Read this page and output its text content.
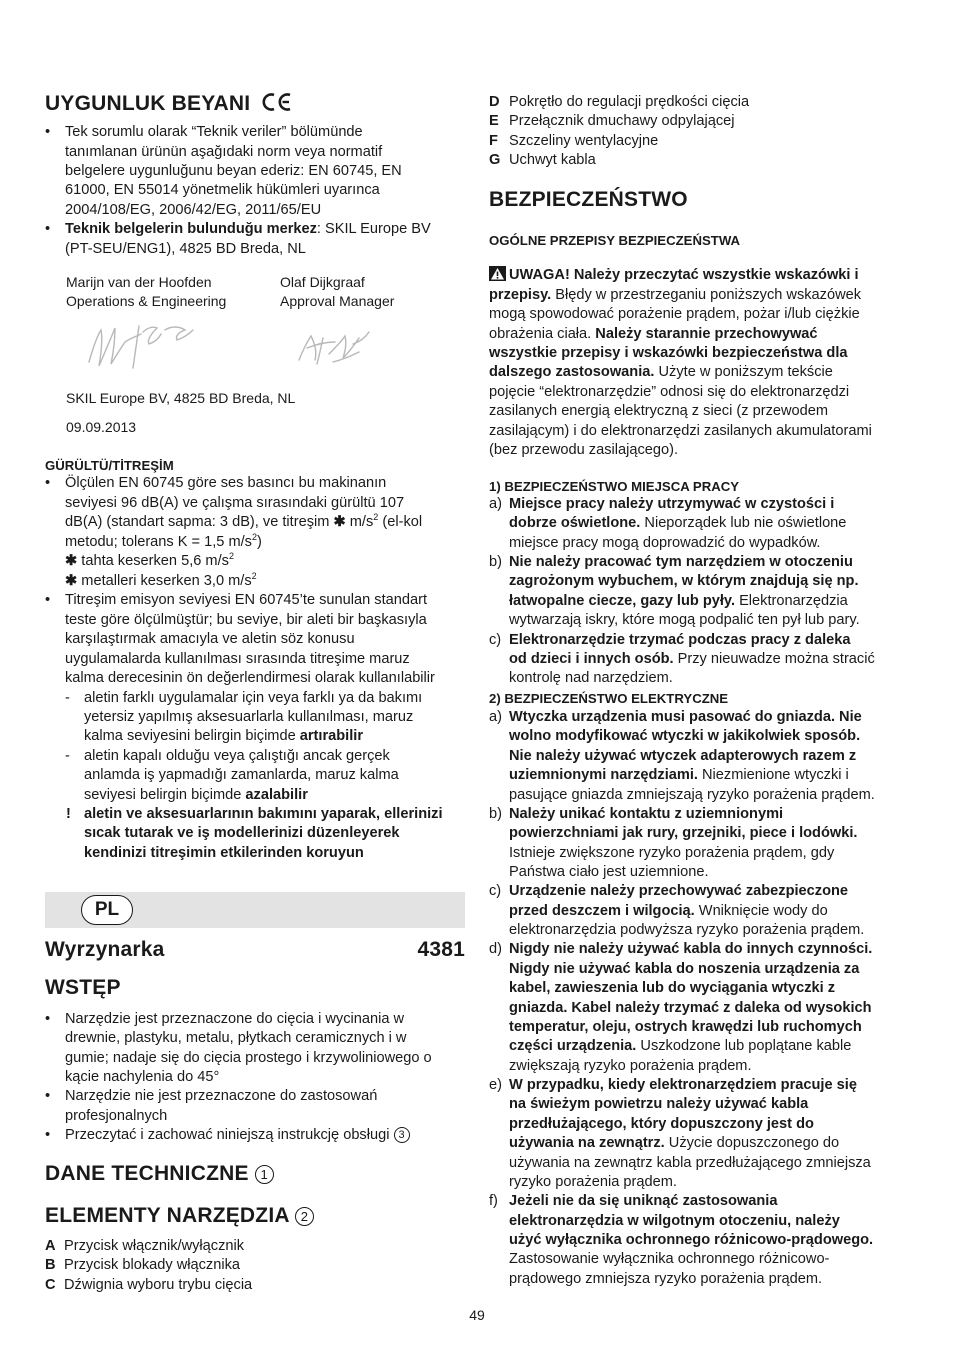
UYGUNLUK BEYANI
• Tek sorumlu olarak “Teknik veriler” bölümünde
tanımlanan ürünün aşağıdaki norm veya normatif
belgelere uygunluğunu beyan ederiz: EN 60745, EN
61000, EN 55014 yönetmelik hükümleri uyarınca
2004/108/EG, 2006/42/EG, 2011/65/EU
• Teknik belgelerin bulunduğu merkez: SKIL Europe BV
(PT-SEU/ENG1), 4825 BD Breda, NL
Marijn van der Hoofden
Operations & Engineering
Olaf Dijkgraaf
Approval Manager
SKIL Europe BV, 4825 BD Breda, NL
09.09.2013
GÜRÜLTÜ/TİTREŞİM
• Ölçülen EN 60745 göre ses basıncı bu makinanın
seviyesi 96 dB(A) ve çalışma sırasındaki gürültü 107
dB(A) (standart sapma: 3 dB), ve titreşim ✱ $m/s^2$ (el-kol
metodu; tolerans K = 1,5 $m/s^2$)
✱ tahta keserken 5,6 $m/s^2$
✱ metalleri keserken 3,0 $m/s^2$
• Titreşim emisyon seviyesi EN 60745’te sunulan standart
teste göre ölçülmüştür; bu seviye, bir aleti bir başkasıyla
karşılaştırmak amacıyla ve aletin söz konusu
uygulamalarda kullanılması sırasında titreşime maruz
kalma derecesinin ön değerlendirmesi olarak kullanılabilir
- aletin farklı uygulamalar için veya farklı ya da bakımı
yetersiz yapılmış aksesuarlarla kullanılması, maruz
kalma seviyesini belirgin biçimde artırabilir
- aletin kapalı olduğu veya çalıştığı ancak gerçek
anlamda iş yapmadığı zamanlarda, maruz kalma
seviyesi belirgin biçimde azalabilir
! aletin ve aksesuarlarının bakımını yaparak, ellerinizi
sıcak tutarak ve iş modellerinizi düzenleyerek
kendinizi titreşimin etkilerinden koruyun
PL
Wyrzynarka	4381
WSTĘP
• Narzędzie jest przeznaczone do cięcia i wycinania w
drewnie, plastyku, metalu, płytkach ceramicznych i w
gumie; nadaje się do cięcia prostego i krzywoliniowego o
kącie nachylenia do 45°
• Narzędzie nie jest przeznaczone do zastosowań
profesjonalnych
• Przeczytać i zachować niniejszą instrukcję obsługi 3
DANE TECHNICZNE 1
ELEMENTY NARZĘDZIA 2
A Przycisk włącznik/wyłącznik
B Przycisk blokady włącznika
C Dźwignia wyboru trybu cięcia
D Pokrętło do regulacji prędkości cięcia
E Przełącznik dmuchawy odpylającej
F Szczeliny wentylacyjne
G Uchwyt kabla
BEZPIECZEŃSTWO
OGÓLNE PRZEPISY BEZPIECZEŃSTWA
UWAGA! Należy przeczytać wszystkie wskazówki i
przepisy. Błędy w przestrzeganiu poniższych wskazówek
mogą spowodować porażenie prądem, pożar i/lub ciężkie
obrażenia ciała. Należy starannie przechowywać
wszystkie przepisy i wskazówki bezpieczeństwa dla
dalszego zastosowania. Użyte w poniższym tekście
pojęcie “elektronarzędzie” odnosi się do elektronarzędzi
zasilanych energią elektryczną z sieci (z przewodem
zasilającym) i do elektronarzędzi zasilanych akumulatorami
(bez przewodu zasilającego).
1) BEZPIECZEŃSTWO MIEJSCA PRACY
a) Miejsce pracy należy utrzymywać w czystości i
dobrze oświetlone. Nieporządek lub nie oświetlone
miejsce pracy mogą doprowadzić do wypadków.
b) Nie należy pracować tym narzędziem w otoczeniu
zagrożonym wybuchem, w którym znajdują się np.
łatwopalne ciecze, gazy lub pyły. Elektronarzędzia
wytwarzają iskry, które mogą podpalić ten pył lub pary.
c) Elektronarzędzie trzymać podczas pracy z daleka
od dzieci i innych osób. Przy nieuwadze można stracić
kontrolę nad narzędziem.
2) BEZPIECZEŃSTWO ELEKTRYCZNE
a) Wtyczka urządzenia musi pasować do gniazda. Nie
wolno modyfikować wtyczki w jakikolwiek sposób.
Nie należy używać wtyczek adapterowych razem z
uziemnionymi narzędziami. Niezmienione wtyczki i
pasujące gniazda zmniejszają ryzyko porażenia prądem.
b) Należy unikać kontaktu z uziemnionymi
powierzchniami jak rury, grzejniki, piece i lodówki.
Istnieje zwiększone ryzyko porażenia prądem, gdy
Państwa ciało jest uziemnione.
c) Urządzenie należy przechowywać zabezpieczone
przed deszczem i wilgocią. Wniknięcie wody do
elektronarzędzia podwyższa ryzyko porażenia prądem.
d) Nigdy nie należy używać kabla do innych czynności.
Nigdy nie używać kabla do noszenia urządzenia za
kabel, zawieszenia lub do wyciągania wtyczki z
gniazda. Kabel należy trzymać z daleka od wysokich
temperatur, oleju, ostrych krawędzi lub ruchomych
części urządzenia. Uszkodzone lub poplątane kable
zwiększają ryzyko porażenia prądem.
e) W przypadku, kiedy elektronarzędziem pracuje się
na świeżym powietrzu należy używać kabla
przedłużającego, który dopuszczony jest do
używania na zewnątrz. Użycie dopuszczonego do
używania na zewnątrz kabla przedłużającego zmniejsza
ryzyko porażenia prądem.
f) Jeżeli nie da się uniknąć zastosowania
elektronarzędzia w wilgotnym otoczeniu, należy
użyć wyłącznika ochronnego różnicowo-prądowego.
Zastosowanie wyłącznika ochronnego różnicowo-
prądowego zmniejsza ryzyko porażenia prądem.
49
